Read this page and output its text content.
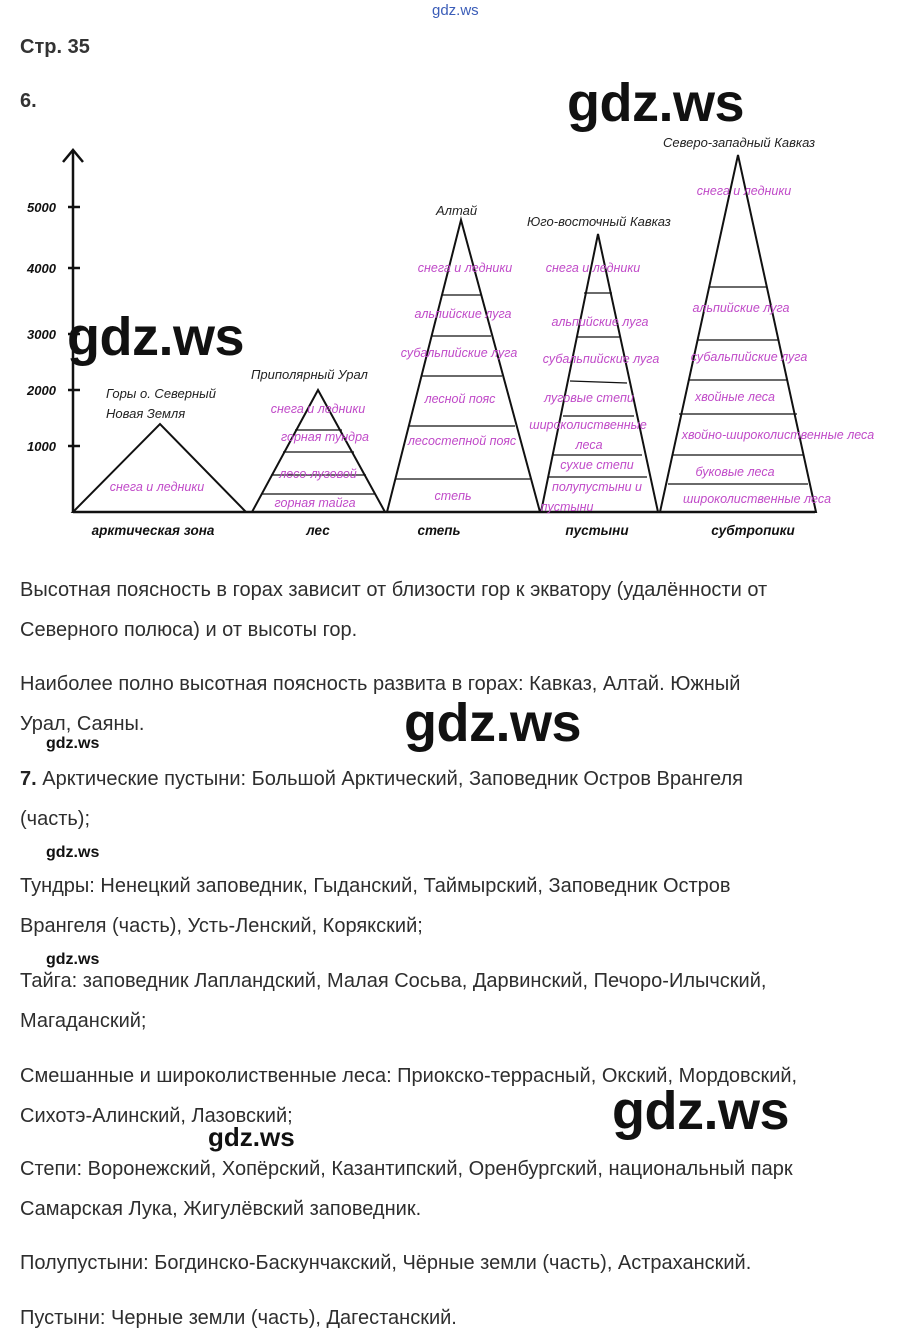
gdz.ws
Стр. 35
6.
5000
4000
3000
2000
1000
Горы о. Северный
Новая Земля
снега и ледники
Приполярный Урал
снега и ледники
горная тундра
лесо-луговой
горная тайга
Алтай
снега и ледники
альпийские луга
субальпийские луга
лесной пояс
лесостепной пояс
степь
Юго-восточный Кавказ
снега и ледники
альпийские луга
субальпийские луга
луговые степи
широколиственные
леса
сухие степи
полупустыни и
пустыни
Северо-западный Кавказ
снега и ледники
альпийские луга
субальпийские луга
хвойные леса
хвойно-широколиственные леса
буковые леса
широколиственные леса
арктическая зона	лес	степь	пустыни	субтропики
Высотная поясность в горах зависит от близости гор к экватору (удалённости от
Северного полюса) и от высоты гор.
Наиболее полно высотная поясность развита в горах: Кавказ, Алтай. Южный
Урал, Саяны.
7. Арктические пустыни: Большой Арктический, Заповедник Остров Врангеля
(часть);
Тундры: Ненецкий заповедник, Гыданский, Таймырский, Заповедник Остров
Врангеля (часть), Усть-Ленский, Корякский;
Тайга: заповедник Лапландский, Малая Сосьва, Дарвинский, Печоро-Илычский,
Магаданский;
Смешанные и широколиственные леса: Приокско-террасный, Окский, Мордовский,
Сихотэ-Алинский, Лазовский;
Степи: Воронежский, Хопёрский, Казантипский, Оренбургский, национальный парк
Самарская Лука, Жигулёвский заповедник.
Полупустыни: Богдинско-Баскунчакский, Чёрные земли (часть), Астраханский.
Пустыни: Черные земли (часть), Дагестанский.
gdz.ws
gdz.ws
gdz.ws
gdz.ws
gdz.ws
gdz.ws
gdz.ws
gdz.ws
